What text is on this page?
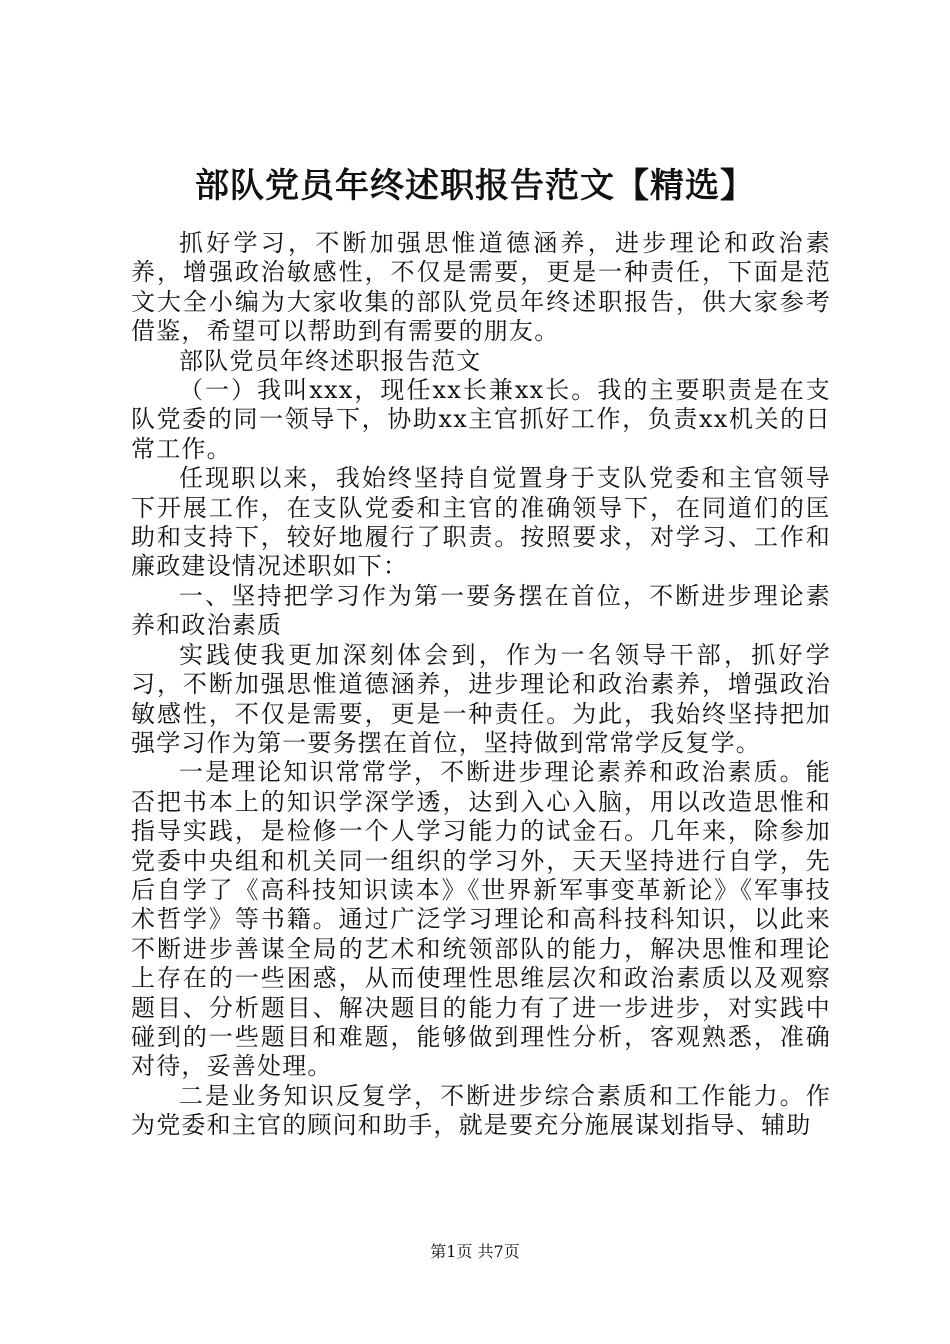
部队党员年终述职报告范文【精选】

抓好学习，不断加强思惟道德涵养，进步理论和政治素养，增强政治敏感性，不仅是需要，更是一种责任，下面是范文大全小编为大家收集的部队党员年终述职报告，供大家参考借鉴，希望可以帮助到有需要的朋友。

部队党员年终述职报告范文

（一）我叫xxx，现任xx长兼xx长。我的主要职责是在支队党委的同一领导下，协助xx主官抓好工作，负责xx机关的日常工作。

任现职以来，我始终坚持自觉置身于支队党委和主官领导下开展工作，在支队党委和主官的准确领导下，在同道们的匡助和支持下，较好地履行了职责。按照要求，对学习、工作和廉政建设情况述职如下：

一、坚持把学习作为第一要务摆在首位，不断进步理论素养和政治素质

实践使我更加深刻体会到，作为一名领导干部，抓好学习，不断加强思惟道德涵养，进步理论和政治素养，增强政治敏感性，不仅是需要，更是一种责任。为此，我始终坚持把加强学习作为第一要务摆在首位，坚持做到常常学反复学。

一是理论知识常常学，不断进步理论素养和政治素质。能否把书本上的知识学深学透，达到入心入脑，用以改造思惟和指导实践，是检修一个人学习能力的试金石。几年来，除参加党委中央组和机关同一组织的学习外，天天坚持进行自学，先后自学了《高科技知识读本》《世界新军事变革新论》《军事技术哲学》等书籍。通过广泛学习理论和高科技科知识，以此来不断进步善谋全局的艺术和统领部队的能力，解决思惟和理论上存在的一些困惑，从而使理性思维层次和政治素质以及观察题目、分析题目、解决题目的能力有了进一步进步，对实践中碰到的一些题目和难题，能够做到理性分析，客观熟悉，准确对待，妥善处理。

二是业务知识反复学，不断进步综合素质和工作能力。作为党委和主官的顾问和助手，就是要充分施展谋划指导、辅助

第1页 共7页
